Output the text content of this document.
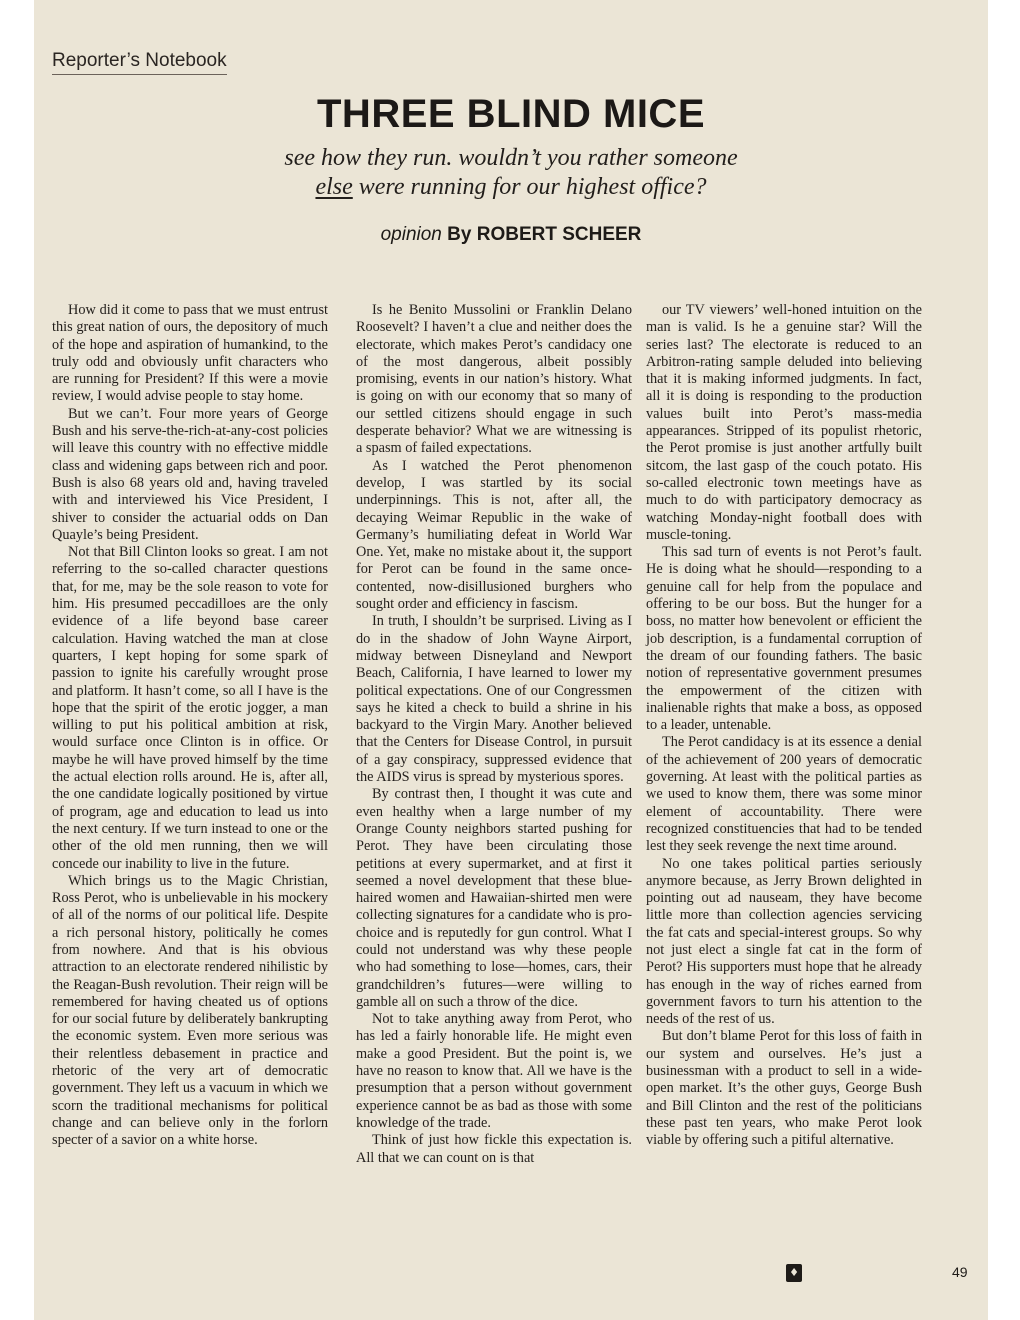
Reporter’s Notebook
THREE BLIND MICE
see how they run. wouldn’t you rather someone
else were running for our highest office?
opinion By ROBERT SCHEER

How did it come to pass that we must entrust this great nation of ours, the depository of much of the hope and aspiration of humankind, to the truly odd and obviously unfit characters who are running for President? If this were a movie review, I would advise people to stay home.

But we can’t. Four more years of George Bush and his serve-the-rich-at-any-cost policies will leave this country with no effective middle class and widening gaps between rich and poor. Bush is also 68 years old and, having traveled with and interviewed his Vice President, I shiver to consider the actuarial odds on Dan Quayle’s being President.

Not that Bill Clinton looks so great. I am not referring to the so-called character questions that, for me, may be the sole reason to vote for him. His presumed peccadilloes are the only evidence of a life beyond base career calculation. Having watched the man at close quarters, I kept hoping for some spark of passion to ignite his carefully wrought prose and platform. It hasn’t come, so all I have is the hope that the spirit of the erotic jogger, a man willing to put his political ambition at risk, would surface once Clinton is in office. Or maybe he will have proved himself by the time the actual election rolls around. He is, after all, the one candidate logically positioned by virtue of program, age and education to lead us into the next century. If we turn instead to one or the other of the old men running, then we will concede our inability to live in the future.

Which brings us to the Magic Christian, Ross Perot, who is unbelievable in his mockery of all of the norms of our political life. Despite a rich personal history, politically he comes from nowhere. And that is his obvious attraction to an electorate rendered nihilistic by the Reagan-Bush revolution. Their reign will be remembered for having cheated us of options for our social future by deliberately bankrupting the economic system. Even more serious was their relentless debasement in practice and rhetoric of the very art of democratic government. They left us a vacuum in which we scorn the traditional mechanisms for political change and can believe only in the forlorn specter of a savior on a white horse.

Is he Benito Mussolini or Franklin Delano Roosevelt? I haven’t a clue and neither does the electorate, which makes Perot’s candidacy one of the most dangerous, albeit possibly promising, events in our nation’s history. What is going on with our economy that so many of our settled citizens should engage in such desperate behavior? What we are witnessing is a spasm of failed expectations.

As I watched the Perot phenomenon develop, I was startled by its social underpinnings. This is not, after all, the decaying Weimar Republic in the wake of Germany’s humiliating defeat in World War One. Yet, make no mistake about it, the support for Perot can be found in the same once-contented, now-disillusioned burghers who sought order and efficiency in fascism.

In truth, I shouldn’t be surprised. Living as I do in the shadow of John Wayne Airport, midway between Disneyland and Newport Beach, California, I have learned to lower my political expectations. One of our Congressmen says he kited a check to build a shrine in his backyard to the Virgin Mary. Another believed that the Centers for Disease Control, in pursuit of a gay conspiracy, suppressed evidence that the AIDS virus is spread by mysterious spores.

By contrast then, I thought it was cute and even healthy when a large number of my Orange County neighbors started pushing for Perot. They have been circulating those petitions at every supermarket, and at first it seemed a novel development that these blue-haired women and Hawaiian-shirted men were collecting signatures for a candidate who is pro-choice and is reputedly for gun control. What I could not understand was why these people who had something to lose—homes, cars, their grandchildren’s futures—were willing to gamble all on such a throw of the dice.

Not to take anything away from Perot, who has led a fairly honorable life. He might even make a good President. But the point is, we have no reason to know that. All we have is the presumption that a person without government experience cannot be as bad as those with some knowledge of the trade.

Think of just how fickle this expectation is. All that we can count on is that

our TV viewers’ well-honed intuition on the man is valid. Is he a genuine star? Will the series last? The electorate is reduced to an Arbitron-rating sample deluded into believing that it is making informed judgments. In fact, all it is doing is responding to the production values built into Perot’s mass-media appearances. Stripped of its populist rhetoric, the Perot promise is just another artfully built sitcom, the last gasp of the couch potato. His so-called electronic town meetings have as much to do with participatory democracy as watching Monday-night football does with muscle-toning.

This sad turn of events is not Perot’s fault. He is doing what he should—responding to a genuine call for help from the populace and offering to be our boss. But the hunger for a boss, no matter how benevolent or efficient the job description, is a fundamental corruption of the dream of our founding fathers. The basic notion of representative government presumes the empowerment of the citizen with inalienable rights that make a boss, as opposed to a leader, untenable.

The Perot candidacy is at its essence a denial of the achievement of 200 years of democratic governing. At least with the political parties as we used to know them, there was some minor element of accountability. There were recognized constituencies that had to be tended lest they seek revenge the next time around.

No one takes political parties seriously anymore because, as Jerry Brown delighted in pointing out ad nauseam, they have become little more than collection agencies servicing the fat cats and special-interest groups. So why not just elect a single fat cat in the form of Perot? His supporters must hope that he already has enough in the way of riches earned from government favors to turn his attention to the needs of the rest of us.

But don’t blame Perot for this loss of faith in our system and ourselves. He’s just a businessman with a product to sell in a wide-open market. It’s the other guys, George Bush and Bill Clinton and the rest of the politicians these past ten years, who make Perot look viable by offering such a pitiful alternative.

♦	49
